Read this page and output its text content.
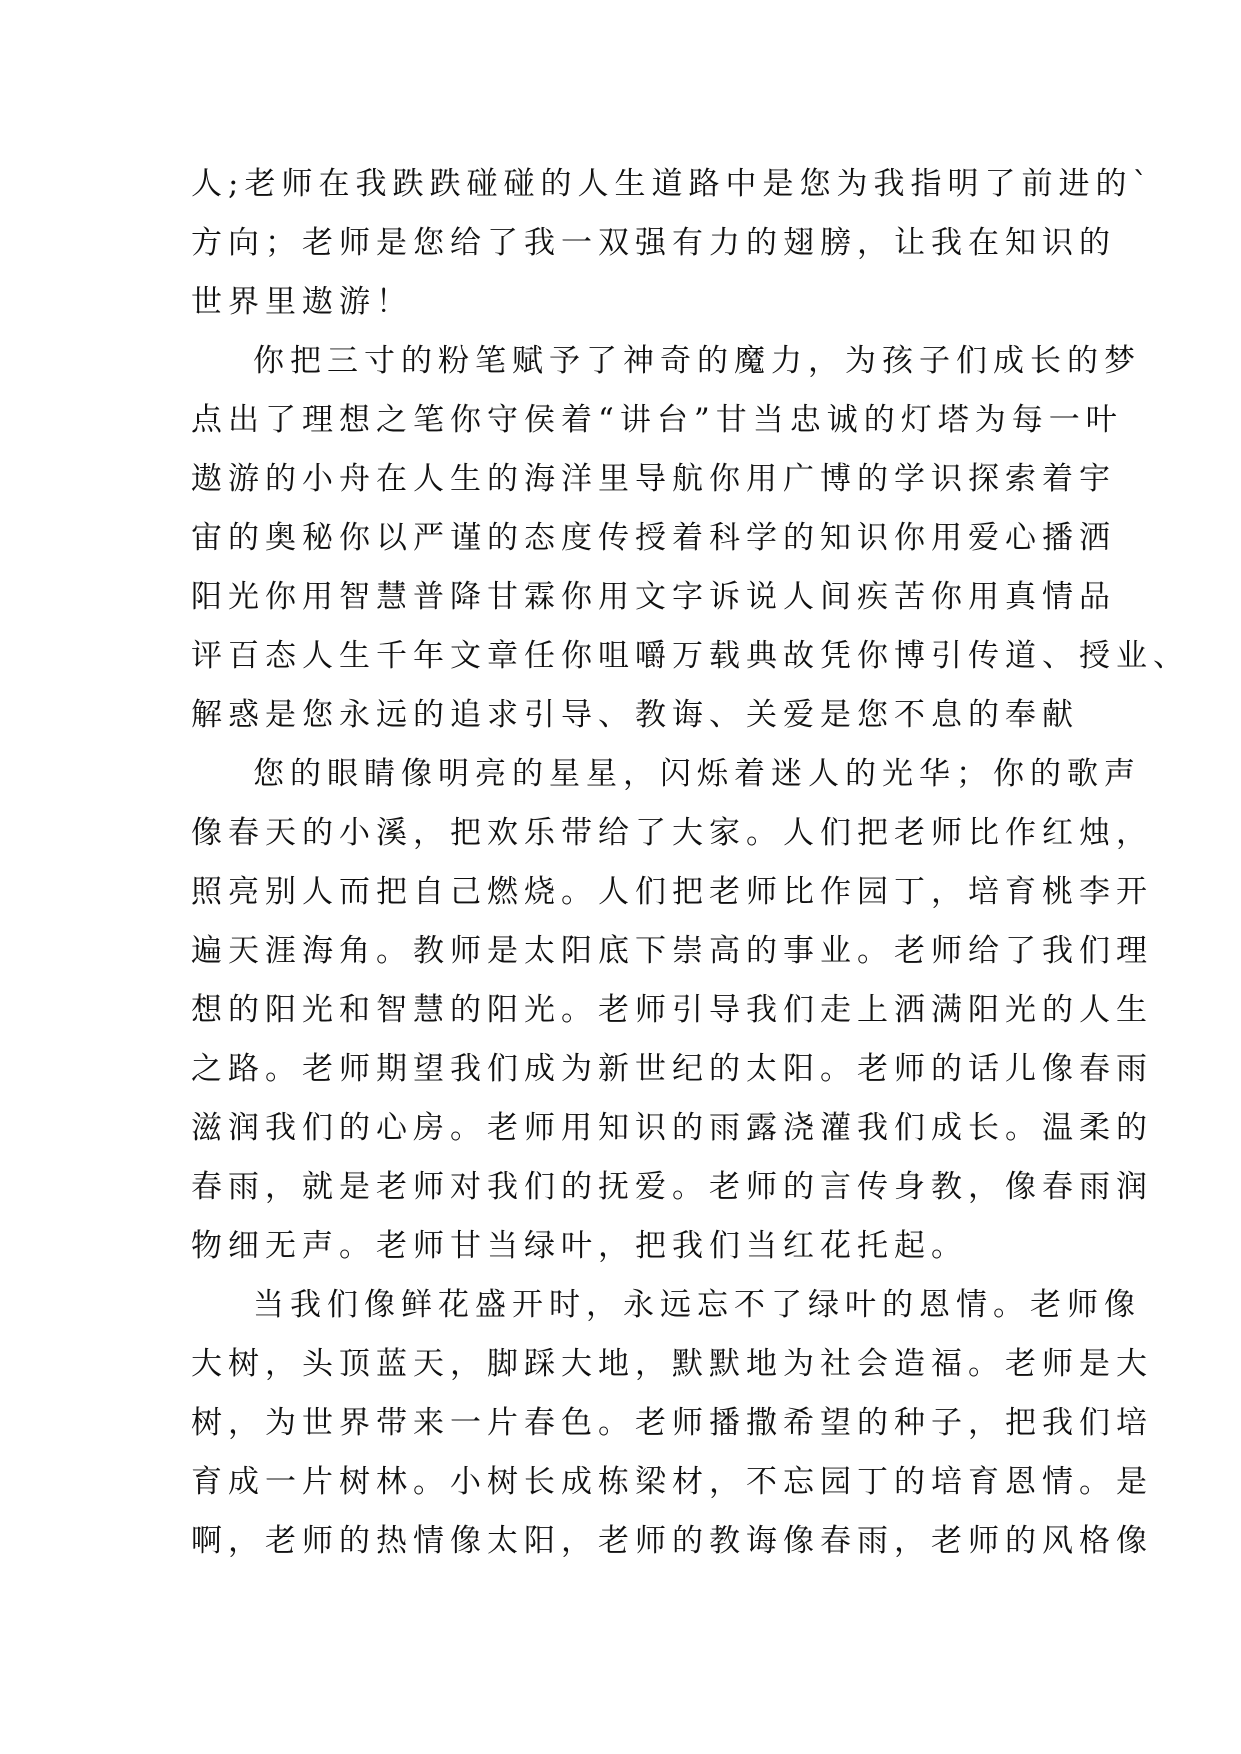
人;老师在我跌跌碰碰的人生道路中是您为我指明了前进的`
方向；老师是您给了我一双强有力的翅膀，让我在知识的
世界里遨游！
你把三寸的粉笔赋予了神奇的魔力，为孩子们成长的梦
点出了理想之笔你守侯着“讲台”甘当忠诚的灯塔为每一叶
遨游的小舟在人生的海洋里导航你用广博的学识探索着宇
宙的奥秘你以严谨的态度传授着科学的知识你用爱心播洒
阳光你用智慧普降甘霖你用文字诉说人间疾苦你用真情品
评百态人生千年文章任你咀嚼万载典故凭你博引传道、授业、
解惑是您永远的追求引导、教诲、关爱是您不息的奉献
您的眼睛像明亮的星星，闪烁着迷人的光华；你的歌声
像春天的小溪，把欢乐带给了大家。人们把老师比作红烛，
照亮别人而把自己燃烧。人们把老师比作园丁，培育桃李开
遍天涯海角。教师是太阳底下崇高的事业。老师给了我们理
想的阳光和智慧的阳光。老师引导我们走上洒满阳光的人生
之路。老师期望我们成为新世纪的太阳。老师的话儿像春雨
滋润我们的心房。老师用知识的雨露浇灌我们成长。温柔的
春雨，就是老师对我们的抚爱。老师的言传身教，像春雨润
物细无声。老师甘当绿叶，把我们当红花托起。
当我们像鲜花盛开时，永远忘不了绿叶的恩情。老师像
大树，头顶蓝天，脚踩大地，默默地为社会造福。老师是大
树，为世界带来一片春色。老师播撒希望的种子，把我们培
育成一片树林。小树长成栋梁材，不忘园丁的培育恩情。是
啊，老师的热情像太阳，老师的教诲像春雨，老师的风格像
